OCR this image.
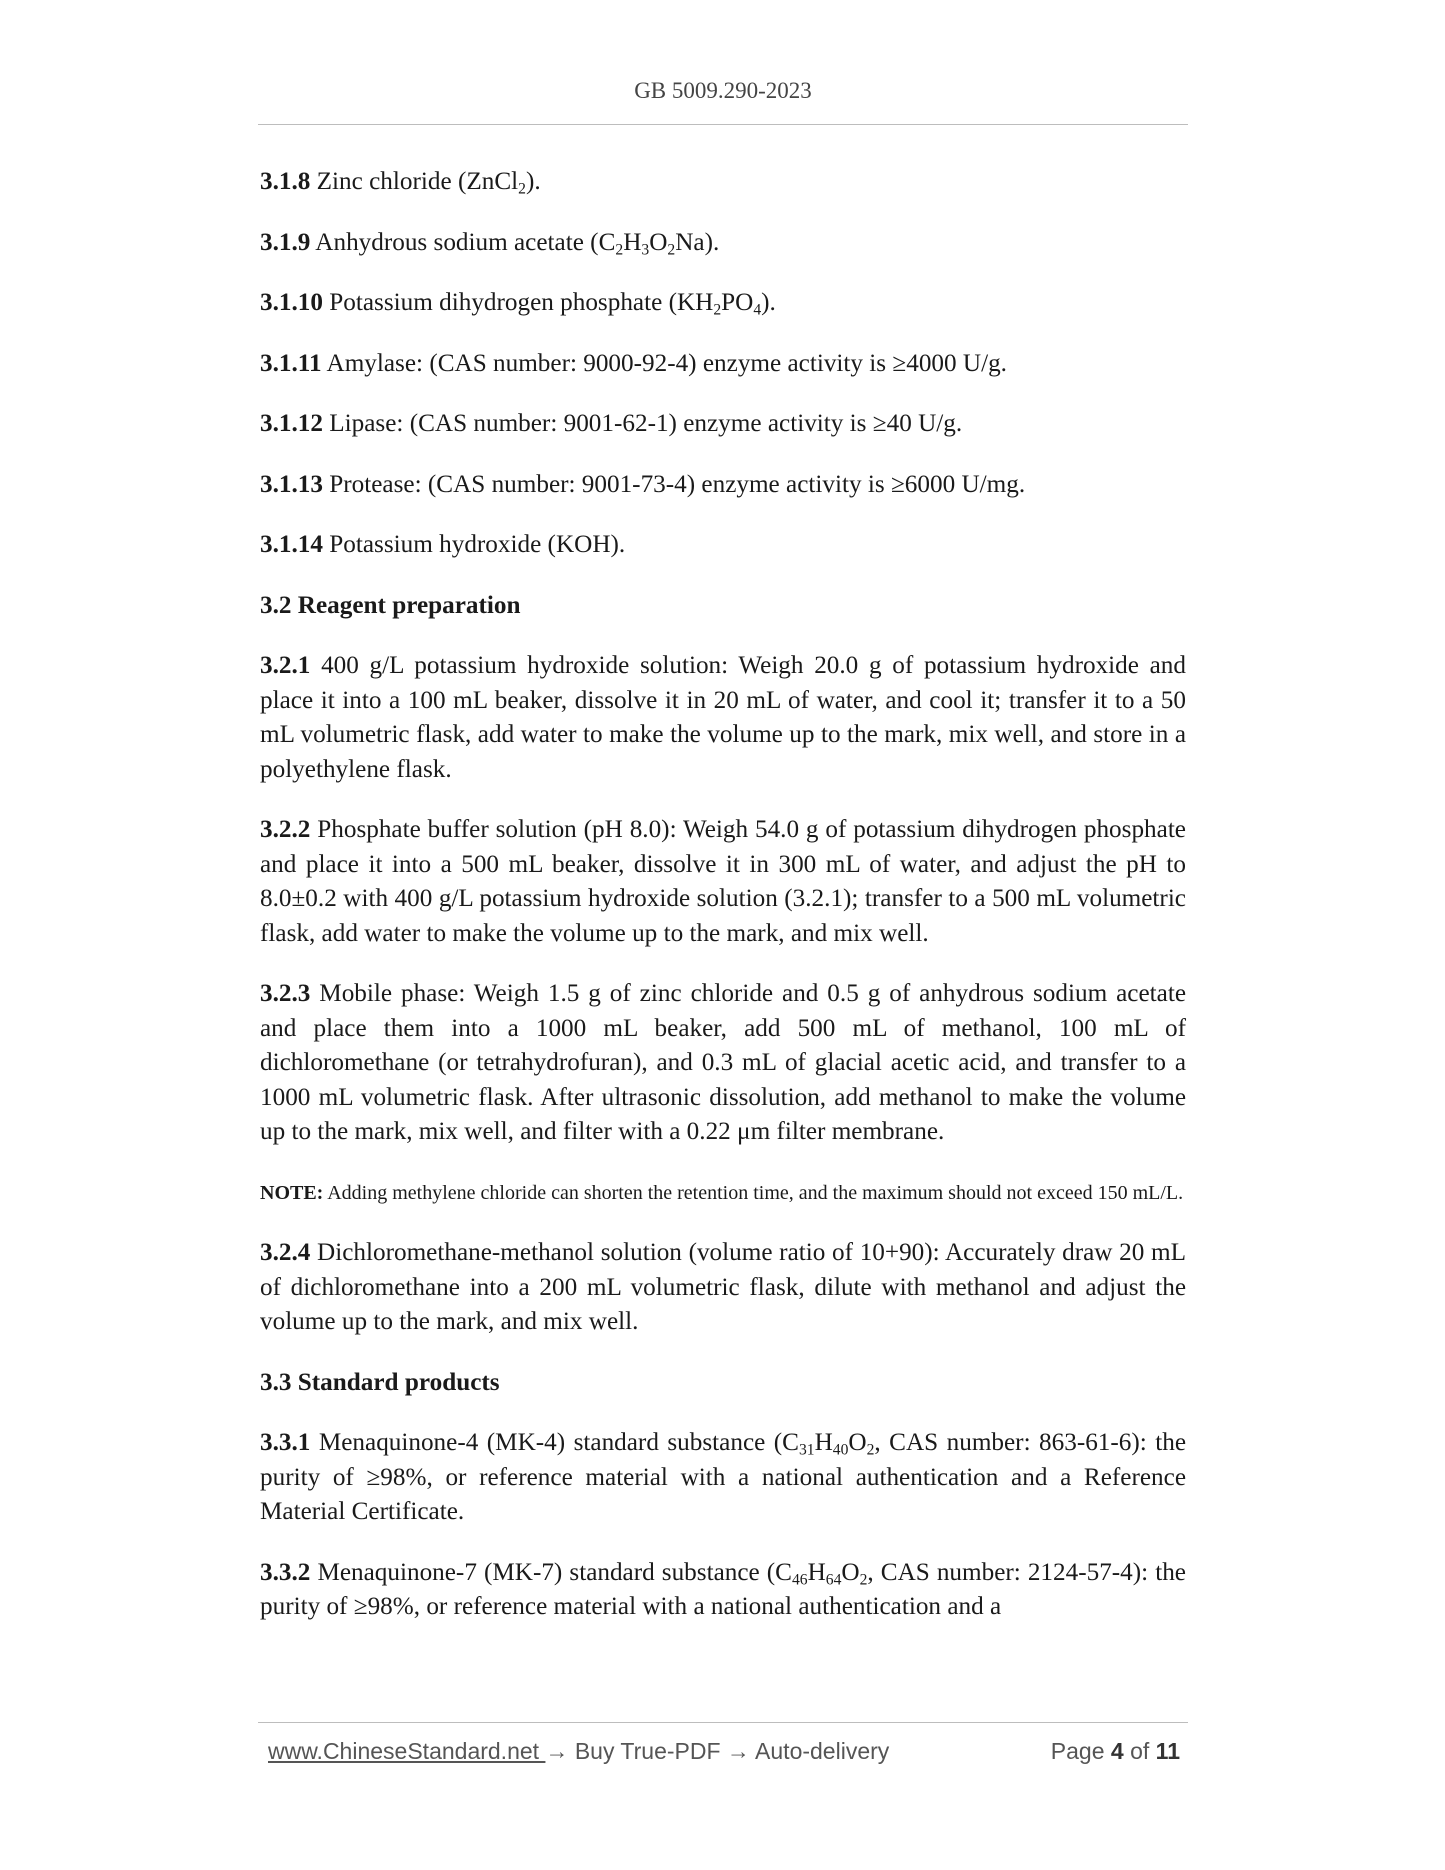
GB 5009.290-2023

3.1.8 Zinc chloride (ZnCl$_2$).

3.1.9 Anhydrous sodium acetate $(C_2H_3O_2Na)$.

3.1.10 Potassium dihydrogen phosphate $(KH_2PO_4)$.

3.1.11 Amylase: (CAS number: 9000-92-4) enzyme activity is ≥4000 U/g.

3.1.12 Lipase: (CAS number: 9001-62-1) enzyme activity is ≥40 U/g.

3.1.13 Protease: (CAS number: 9001-73-4) enzyme activity is ≥6000 U/mg.

3.1.14 Potassium hydroxide (KOH).

3.2 Reagent preparation

3.2.1 400 g/L potassium hydroxide solution: Weigh 20.0 g of potassium hydroxide and place it into a 100 mL beaker, dissolve it in 20 mL of water, and cool it; transfer it to a 50 mL volumetric flask, add water to make the volume up to the mark, mix well, and store in a polyethylene flask.

3.2.2 Phosphate buffer solution (pH 8.0): Weigh 54.0 g of potassium dihydrogen phosphate and place it into a 500 mL beaker, dissolve it in 300 mL of water, and adjust the pH to 8.0±0.2 with 400 g/L potassium hydroxide solution (3.2.1); transfer to a 500 mL volumetric flask, add water to make the volume up to the mark, and mix well.

3.2.3 Mobile phase: Weigh 1.5 g of zinc chloride and 0.5 g of anhydrous sodium acetate and place them into a 1000 mL beaker, add 500 mL of methanol, 100 mL of dichloromethane (or tetrahydrofuran), and 0.3 mL of glacial acetic acid, and transfer to a 1000 mL volumetric flask. After ultrasonic dissolution, add methanol to make the volume up to the mark, mix well, and filter with a 0.22 μm filter membrane.

NOTE: Adding methylene chloride can shorten the retention time, and the maximum should not exceed 150 mL/L.

3.2.4 Dichloromethane-methanol solution (volume ratio of 10+90): Accurately draw 20 mL of dichloromethane into a 200 mL volumetric flask, dilute with methanol and adjust the volume up to the mark, and mix well.

3.3 Standard products

3.3.1 Menaquinone-4 (MK-4) standard substance ($C_{31}H_{40}O_2$, CAS number: 863-61-6): the purity of ≥98%, or reference material with a national authentication and a Reference Material Certificate.

3.3.2 Menaquinone-7 (MK-7) standard substance ($C_{46}H_{64}O_2$, CAS number: 2124-57-4): the purity of ≥98%, or reference material with a national authentication and a

www.ChineseStandard.net → Buy True-PDF → Auto-delivery	Page 4 of 11
